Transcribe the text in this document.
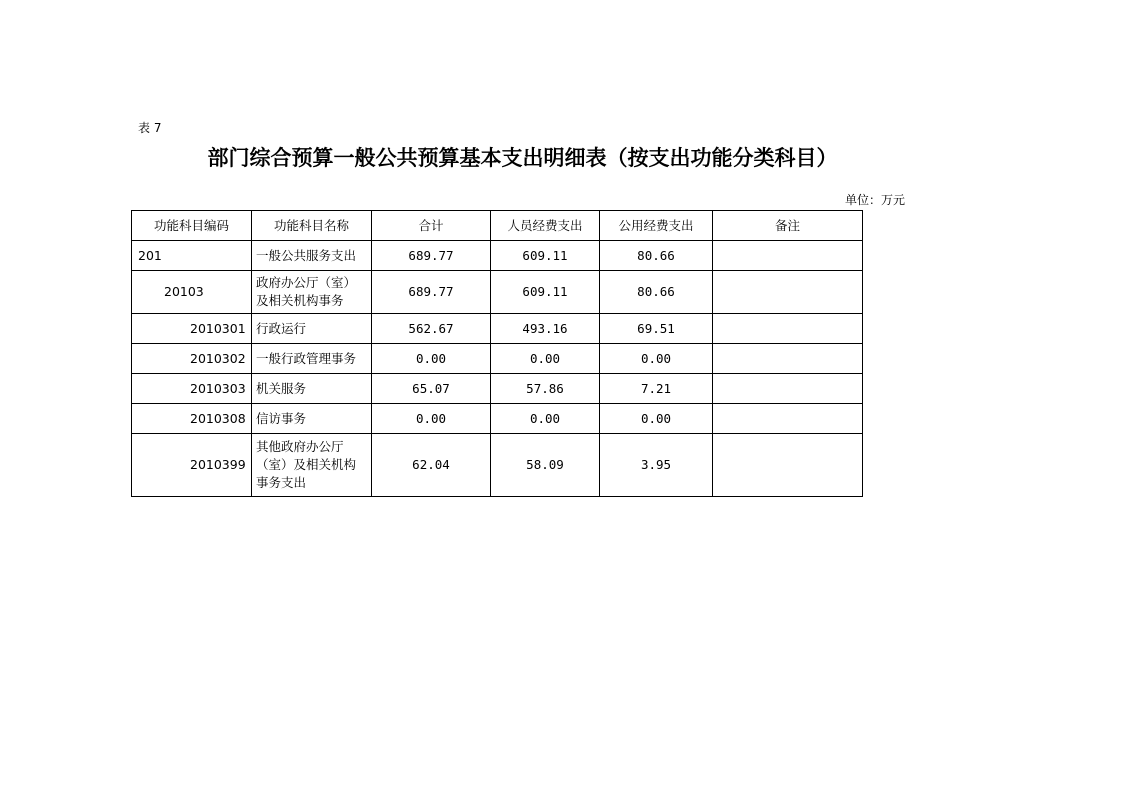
表 7
部门综合预算一般公共预算基本支出明细表（按支出功能分类科目）
单位：万元
功能科目编码	功能科目名称	合计	人员经费支出	公用经费支出	备注
201	一般公共服务支出	689.77	609.11	80.66	
20103	政府办公厅（室）及相关机构事务	689.77	609.11	80.66	
2010301	行政运行	562.67	493.16	69.51	
2010302	一般行政管理事务	0.00	0.00	0.00	
2010303	机关服务	65.07	57.86	7.21	
2010308	信访事务	0.00	0.00	0.00	
2010399	其他政府办公厅（室）及相关机构事务支出	62.04	58.09	3.95	
